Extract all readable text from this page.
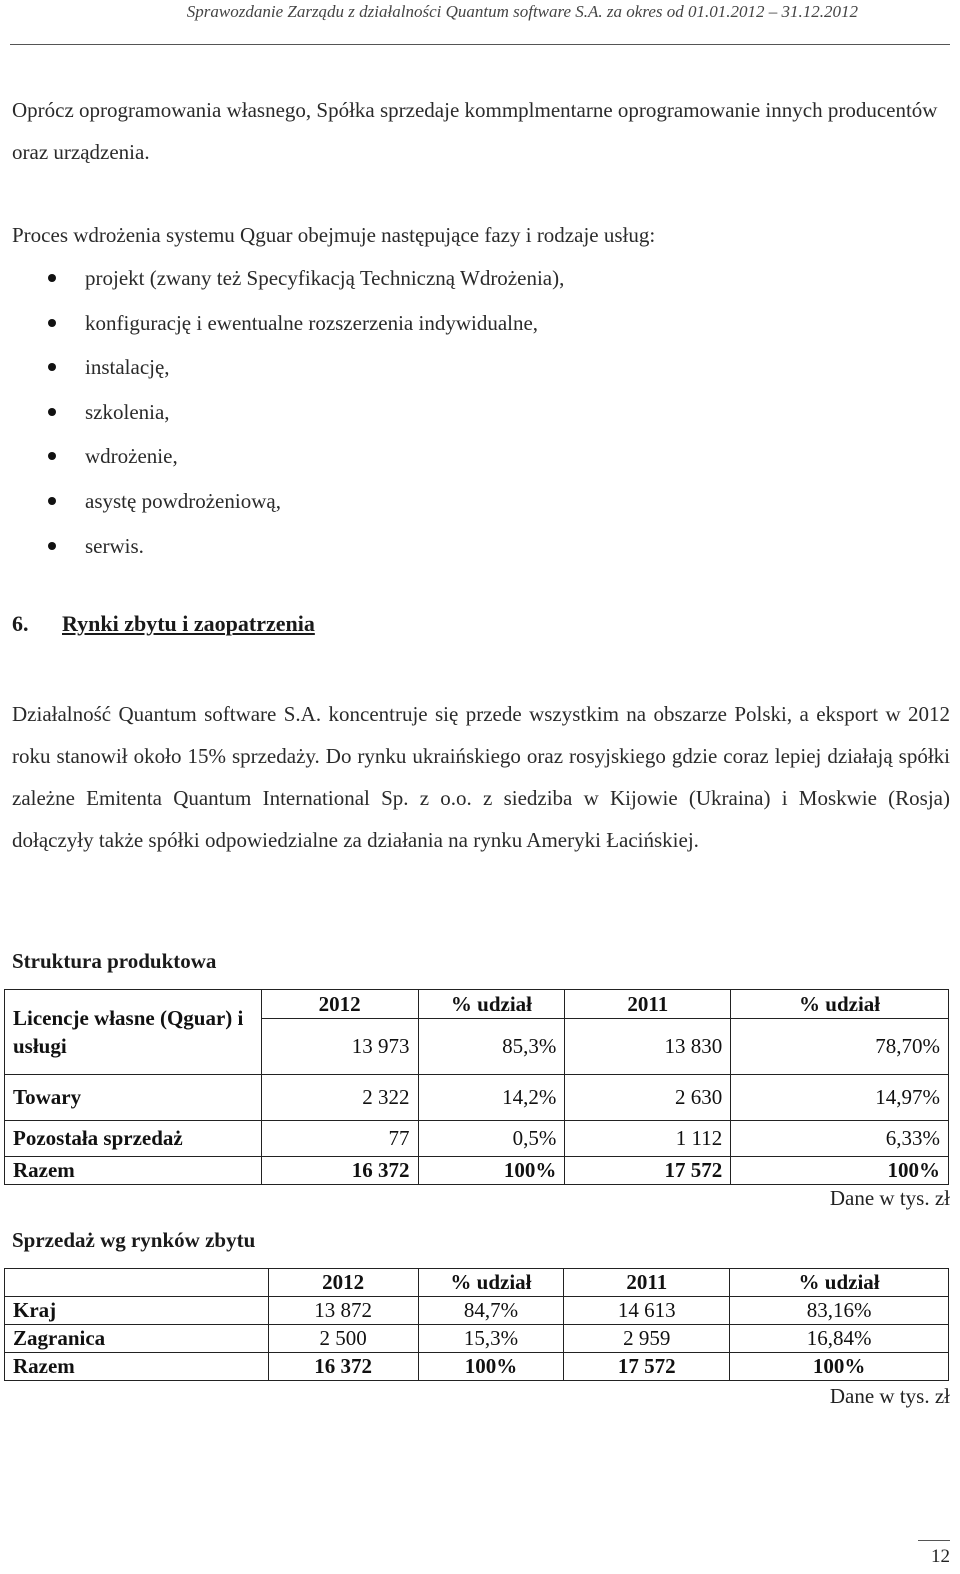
Sprawozdanie Zarządu z działalności Quantum software S.A. za okres od 01.01.2012 – 31.12.2012
Oprócz oprogramowania własnego, Spółka sprzedaje kommplmentarne oprogramowanie innych producentów oraz urządzenia.
Proces wdrożenia systemu Qguar obejmuje następujące fazy i rodzaje usług:
projekt (zwany też Specyfikacją Techniczną Wdrożenia),
konfigurację i ewentualne rozszerzenia indywidualne,
instalację,
szkolenia,
wdrożenie,
asystę powdrożeniową,
serwis.
6. Rynki zbytu i zaopatrzenia
Działalność Quantum software S.A. koncentruje się przede wszystkim na obszarze Polski, a eksport w 2012 roku stanowił około 15% sprzedaży. Do rynku ukraińskiego oraz rosyjskiego gdzie coraz lepiej działają spółki zależne Emitenta Quantum International Sp. z o.o. z siedziba w Kijowie (Ukraina) i Moskwie (Rosja) dołączyły także spółki odpowiedzialne za działania na rynku Ameryki Łacińskiej.
Struktura produktowa
Licencje własne (Qguar) i usługi	2012	% udział	2011	% udział
	13 973	85,3%	13 830	78,70%
Towary	2 322	14,2%	2 630	14,97%
Pozostała sprzedaż	77	0,5%	1 112	6,33%
Razem	16 372	100%	17 572	100%
Dane w tys. zł
Sprzedaż wg rynków zbytu
	2012	% udział	2011	% udział
Kraj	13 872	84,7%	14 613	83,16%
Zagranica	2 500	15,3%	2 959	16,84%
Razem	16 372	100%	17 572	100%
Dane w tys. zł
12
